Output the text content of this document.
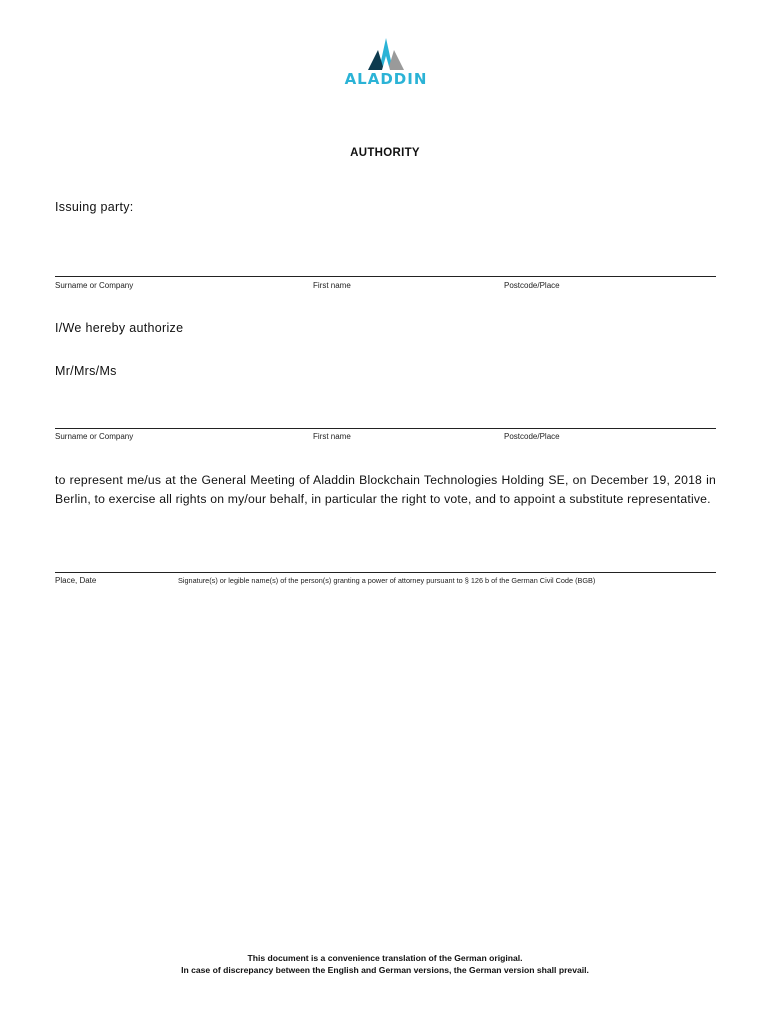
ALADDIN
AUTHORITY
Issuing party:
Surname or Company	First name	Postcode/Place
I/We hereby authorize
Mr/Mrs/Ms
Surname or Company	First name	Postcode/Place
to represent me/us at the General Meeting of Aladdin Blockchain Technologies Holding SE, on December 19, 2018 in Berlin, to exercise all rights on my/our behalf, in particular the right to vote, and to appoint a substitute representative.
Place, Date	Signature(s) or legible name(s) of the person(s) granting a power of attorney pursuant to § 126 b of the German Civil Code (BGB)
This document is a convenience translation of the German original.
In case of discrepancy between the English and German versions, the German version shall prevail.
